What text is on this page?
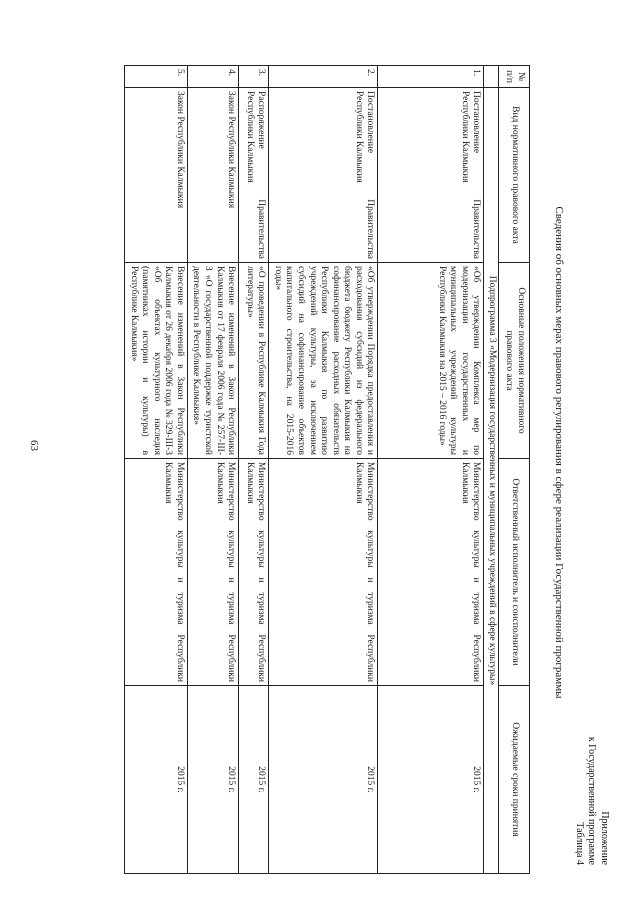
Приложение
к Государственной программе
Таблица 4
Сведения об основных мерах правового регулирования в сфере реализации Государственной программы
№ п/п	Вид нормативного правового акта	Основные положения нормативного правового акта	Ответственный исполнитель и соисполнители	Ожидаемые сроки принятия
	Подпрограмма 3 «Модернизация государственных и муниципальных учреждений в сфере культуры»			
1.	Постановление Правительства Республики Калмыкия	«Об утверждении Комплекса мер по модернизации государственных и муниципальных учреждений культуры Республики Калмыкия на 2015 – 2016 годы»	Министерство культуры и туризма Республики Калмыкия	2015 г.
2.	Постановление Правительства Республики Калмыкия	«Об утверждении Порядка предоставления и расходования субсидий из федерального бюджета бюджету Республики Калмыкия на софинансирование расходных обязательств Республики Калмыкия по развитию учреждений культуры, за исключением субсидий на софинансирование объектов капитального строительства, на 2015-2016 годы»	Министерство культуры и туризма Республики Калмыкия	2015 г.
3.	Распоряжение Правительства Республики Калмыкия	«О проведении в Республике Калмыкия Года литературы»	Министерство культуры и туризма Республики Калмыкия	2015 г.
4.	Закон Республики Калмыкия	Внесение изменений в Закон Республики Калмыкия от 17 февраля 2006 года № 257-III-З «О государственной поддержке туристской деятельности в Республике Калмыкия»	Министерство культуры и туризма Республики Калмыкия	2015 г.
5.	Закон Республики Калмыкия	Внесение изменений в Закон Республики Калмыкия от 26 декабря 2006 года № 329-III-З «Об объектах культурного наследия (памятниках истории и культуры) в Республике Калмыкия»	Министерство культуры и туризма Республики Калмыкия	2015 г.
63
